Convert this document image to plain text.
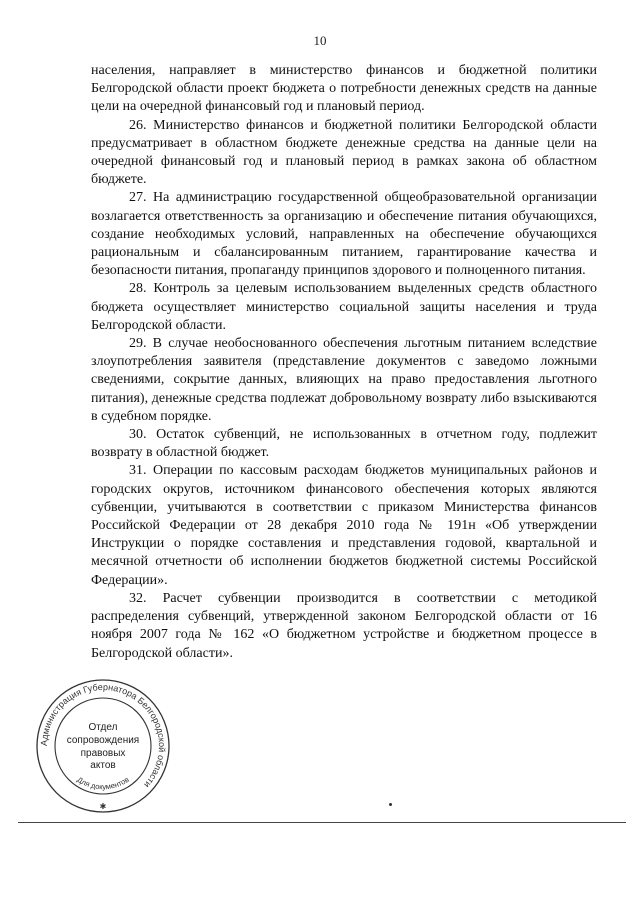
10

населения, направляет в министерство финансов и бюджетной политики Белгородской области проект бюджета о потребности денежных средств на данные цели на очередной финансовый год и плановый период.

26. Министерство финансов и бюджетной политики Белгородской области предусматривает в областном бюджете денежные средства на данные цели на очередной финансовый год и плановый период в рамках закона об областном бюджете.

27. На администрацию государственной общеобразовательной организации возлагается ответственность за организацию и обеспечение питания обучающихся, создание необходимых условий, направленных на обеспечение обучающихся рациональным и сбалансированным питанием, гарантирование качества и безопасности питания, пропаганду принципов здорового и полноценного питания.

28. Контроль за целевым использованием выделенных средств областного бюджета осуществляет министерство социальной защиты населения и труда Белгородской области.

29. В случае необоснованного обеспечения льготным питанием вследствие злоупотребления заявителя (представление документов с заведомо ложными сведениями, сокрытие данных, влияющих на право предоставления льготного питания), денежные средства подлежат добровольному возврату либо взыскиваются в судебном порядке.

30. Остаток субвенций, не использованных в отчетном году, подлежит возврату в областной бюджет.

31. Операции по кассовым расходам бюджетов муниципальных районов и городских округов, источником финансового обеспечения которых являются субвенции, учитываются в соответствии с приказом Министерства финансов Российской Федерации от 28 декабря 2010 года № 191н «Об утверждении Инструкции о порядке составления и представления годовой, квартальной и месячной отчетности об исполнении бюджетов бюджетной системы Российской Федерации».

32. Расчет субвенции производится в соответствии с методикой распределения субвенций, утвержденной законом Белгородской области от 16 ноября 2007 года № 162 «О бюджетном устройстве и бюджетном процессе в Белгородской области».

Администрация Губернатора Белгородской области
Отдел
сопровождения
правовых
актов
Для документов
✱
